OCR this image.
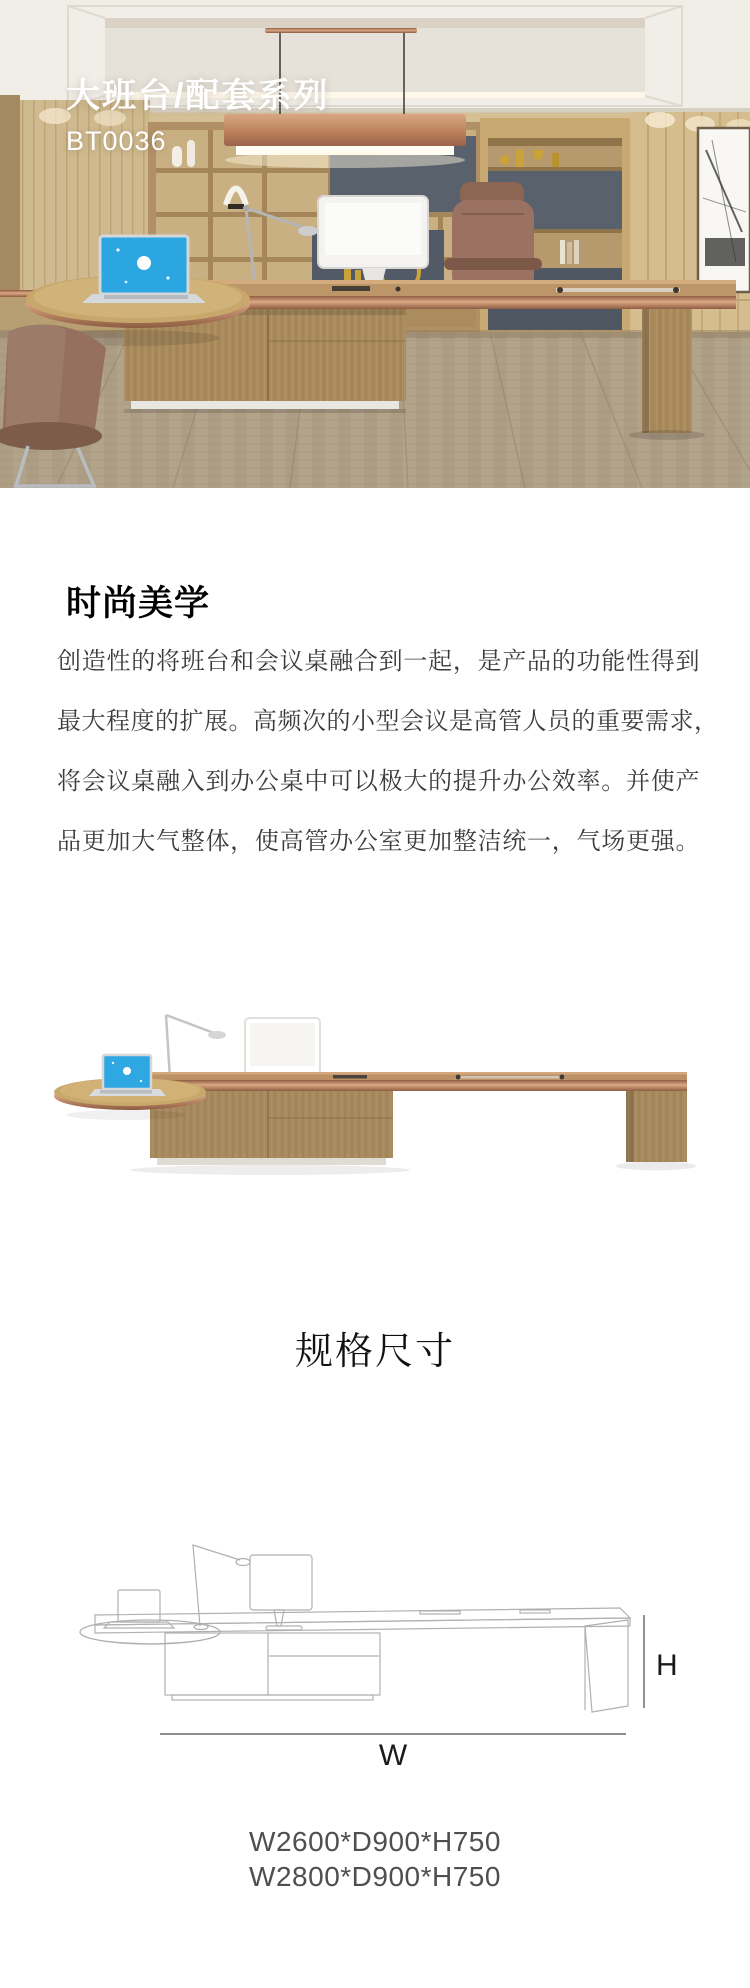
大班台/配套系列
BT0036
时尚美学
创造性的将班台和会议桌融合到一起，是产品的功能性得到
最大程度的扩展。高频次的小型会议是高管人员的重要需求，
将会议桌融入到办公桌中可以极大的提升办公效率。并使产
品更加大气整体，使高管办公室更加整洁统一，气场更强。
规格尺寸
H
W
W2600*D900*H750
W2800*D900*H750
